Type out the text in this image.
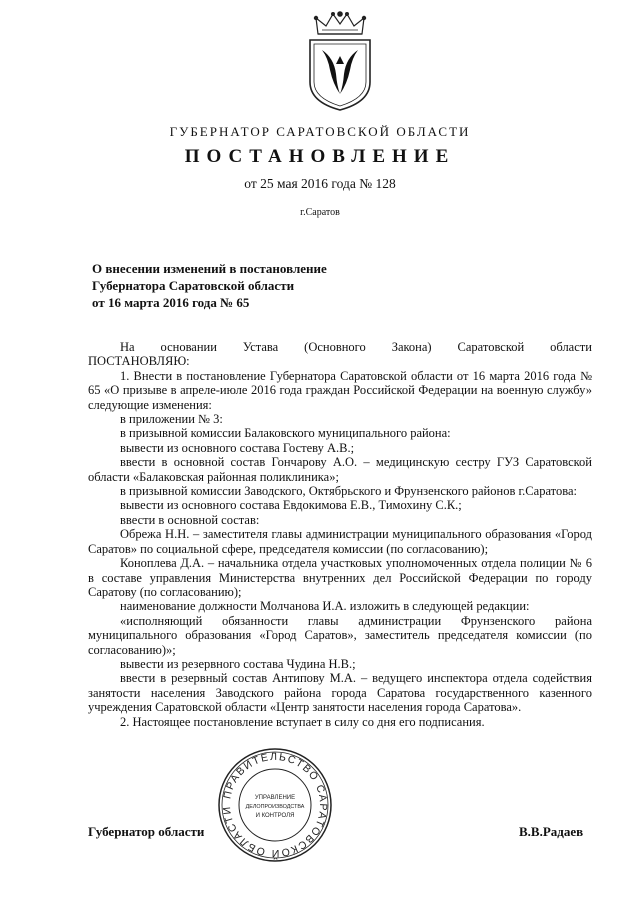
ГУБЕРНАТОР САРАТОВСКОЙ ОБЛАСТИ
ПОСТАНОВЛЕНИЕ
от 25 мая 2016 года № 128
г.Саратов
О внесении изменений в постановление
Губернатора Саратовской области
от 16 марта 2016 года № 65
На основании Устава (Основного Закона) Саратовской области

ПОСТАНОВЛЯЮ:

1. Внести в постановление Губернатора Саратовской области от 16 марта 2016 года № 65 «О призыве в апреле-июле 2016 года граждан Российской Федерации на военную службу» следующие изменения:

в приложении № 3:

в призывной комиссии Балаковского муниципального района:

вывести из основного состава Гостеву А.В.;

ввести в основной состав Гончарову А.О. – медицинскую сестру ГУЗ Саратовской области «Балаковская районная поликлиника»;

в призывной комиссии Заводского, Октябрьского и Фрунзенского районов г.Саратова:

вывести из основного состава Евдокимова Е.В., Тимохину С.К.;

ввести в основной состав:

Обрежа Н.Н. – заместителя главы администрации муниципального образования «Город Саратов» по социальной сфере, председателя комиссии (по согласованию);

Коноплева Д.А. – начальника отдела участковых уполномоченных отдела полиции № 6 в составе управления Министерства внутренних дел Российской Федерации по городу Саратову (по согласованию);

наименование должности Молчанова И.А. изложить в следующей редакции:

«исполняющий обязанности главы администрации Фрунзенского района муниципального образования «Город Саратов», заместитель председателя комиссии (по согласованию)»;

вывести из резервного состава Чудина Н.В.;

ввести в резервный состав Антипову М.А. – ведущего инспектора отдела содействия занятости населения Заводского района города Саратова государственного казенного учреждения Саратовской области «Центр занятости населения города Саратова».

2. Настоящее постановление вступает в силу со дня его подписания.

ПРАВИТЕЛЬСТВО САРАТОВСКОЙ ОБЛАСТИ
УПРАВЛЕНИЕ
ДЕЛОПРОИЗВОДСТВА
И КОНТРОЛЯ
Губернатор области	В.В.Радаев
